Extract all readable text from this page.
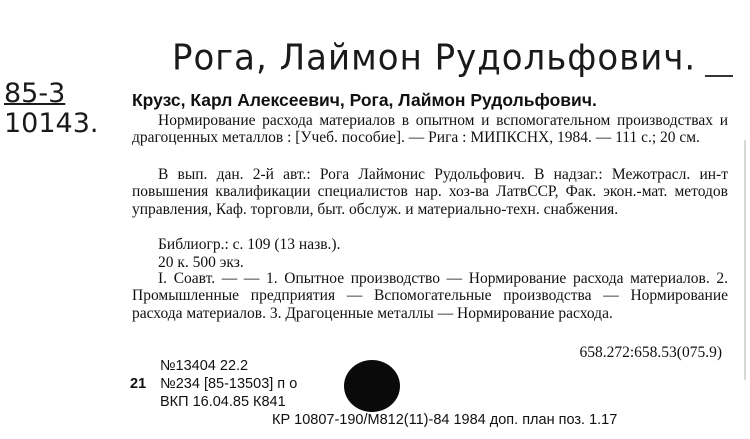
Рога, Лаймон Рудольфович.
85-3
10143.
Крузс, Карл Алексеевич, Рога, Лаймон Рудольфович.

Нормирование расхода материалов в опытном и вспомогательном производствах и драгоценных металлов : [Учеб. пособие]. — Рига : МИПКСНХ, 1984. — 111 с.; 20 см.

В вып. дан. 2-й авт.: Рога Лаймонис Рудольфович. В надзаг.: Межотрасл. ин-т повышения квалификации специалистов нар. хоз-ва ЛатвССР, Фак. экон.-мат. методов управления, Каф. торговли, быт. обслуж. и материально-техн. снабжения.

Библиогр.: с. 109 (13 назв.).
20 к. 500 экз.

I. Соавт. — — 1. Опытное производство — Нормирование расхода материалов. 2. Промышленные предприятия — Вспомогательные производства — Нормирование расхода материалов. 3. Драгоценные металлы — Нормирование расхода.

658.272:658.53(075.9)
№13404 22.2
21 №234 [85-13503] п о
ВКП 16.04.85 К841
КР 10807-190/М812(11)-84 1984 доп. план поз. 1.17
